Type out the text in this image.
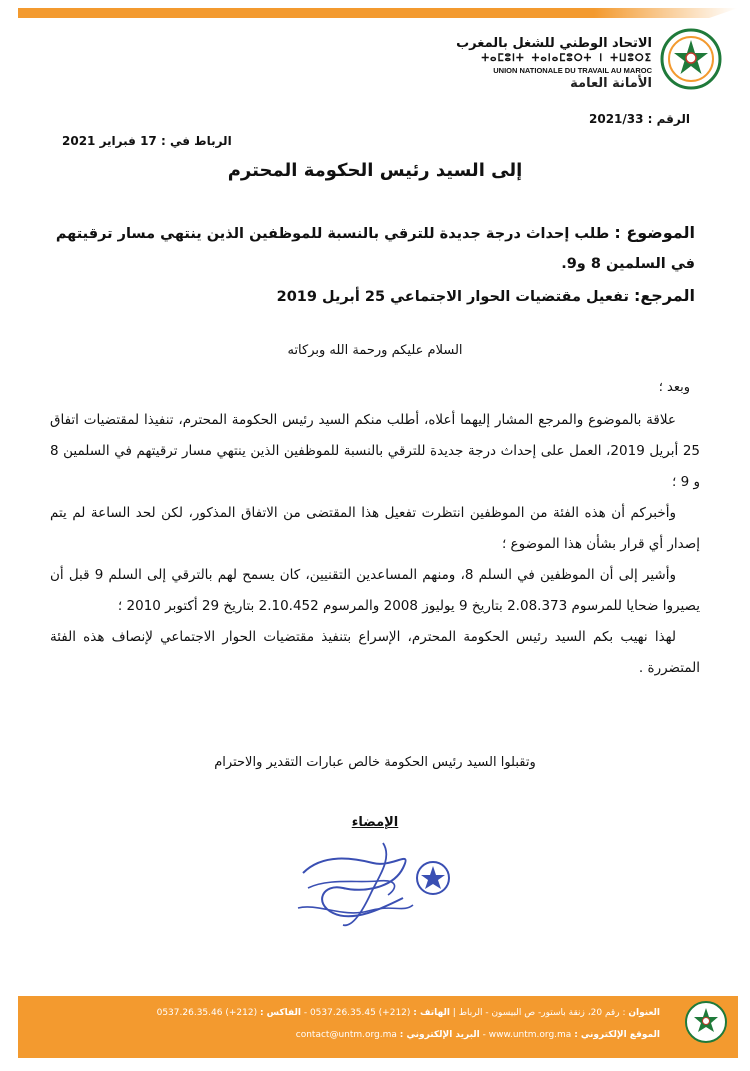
الاتحاد الوطني للشغل بالمغرب
ⵜⴰⵎⵓⵏⵜ ⵜⴰⵏⴰⵎⵓⵔⵜ ⵏ ⵜⵡⵓⵔⵉ
UNION NATIONALE DU TRAVAIL AU MAROC
الأمانة العامة
الرقم : 2021/33
الرباط في : 17 فبراير 2021
إلى السيد رئيس الحكومة المحترم
الموضوع : طلب إحداث درجة جديدة للترقي بالنسبة للموظفين الذين ينتهي مسار ترقيتهم في السلمين 8 و9.
المرجع: تفعيل مقتضيات الحوار الاجتماعي 25 أبريل 2019
السلام عليكم ورحمة الله وبركاته
وبعد ؛

علاقة بالموضوع والمرجع المشار إليهما أعلاه، أطلب منكم السيد رئيس الحكومة المحترم، تنفيذا لمقتضيات اتفاق 25 أبريل 2019، العمل على إحداث درجة جديدة للترقي بالنسبة للموظفين الذين ينتهي مسار ترقيتهم في السلمين 8 و 9 ؛

وأخبركم أن هذه الفئة من الموظفين انتظرت تفعيل هذا المقتضى من الاتفاق المذكور، لكن لحد الساعة لم يتم إصدار أي قرار بشأن هذا الموضوع ؛

وأشير إلى أن الموظفين في السلم 8، ومنهم المساعدين التقنيين، كان يسمح لهم بالترقي إلى السلم 9 قبل أن يصيروا ضحايا للمرسوم 2.08.373 بتاريخ 9 يوليوز 2008 والمرسوم 2.10.452 بتاريخ 29 أكتوبر 2010 ؛

لهذا نهيب بكم السيد رئيس الحكومة المحترم، الإسراع بتنفيذ مقتضيات الحوار الاجتماعي لإنصاف هذه الفئة المتضررة .

وتقبلوا السيد رئيس الحكومة خالص عبارات التقدير والاحترام
الإمضاء
العنوان : رقم 20، زنقة باستور- ص البيسون - الرباط | الهاتف : (212+) 0537.26.35.45 - الفاكس : (212+) 0537.26.35.46
الموقع الإلكتروني : www.untm.org.ma - البريد الإلكتروني : contact@untm.org.ma
